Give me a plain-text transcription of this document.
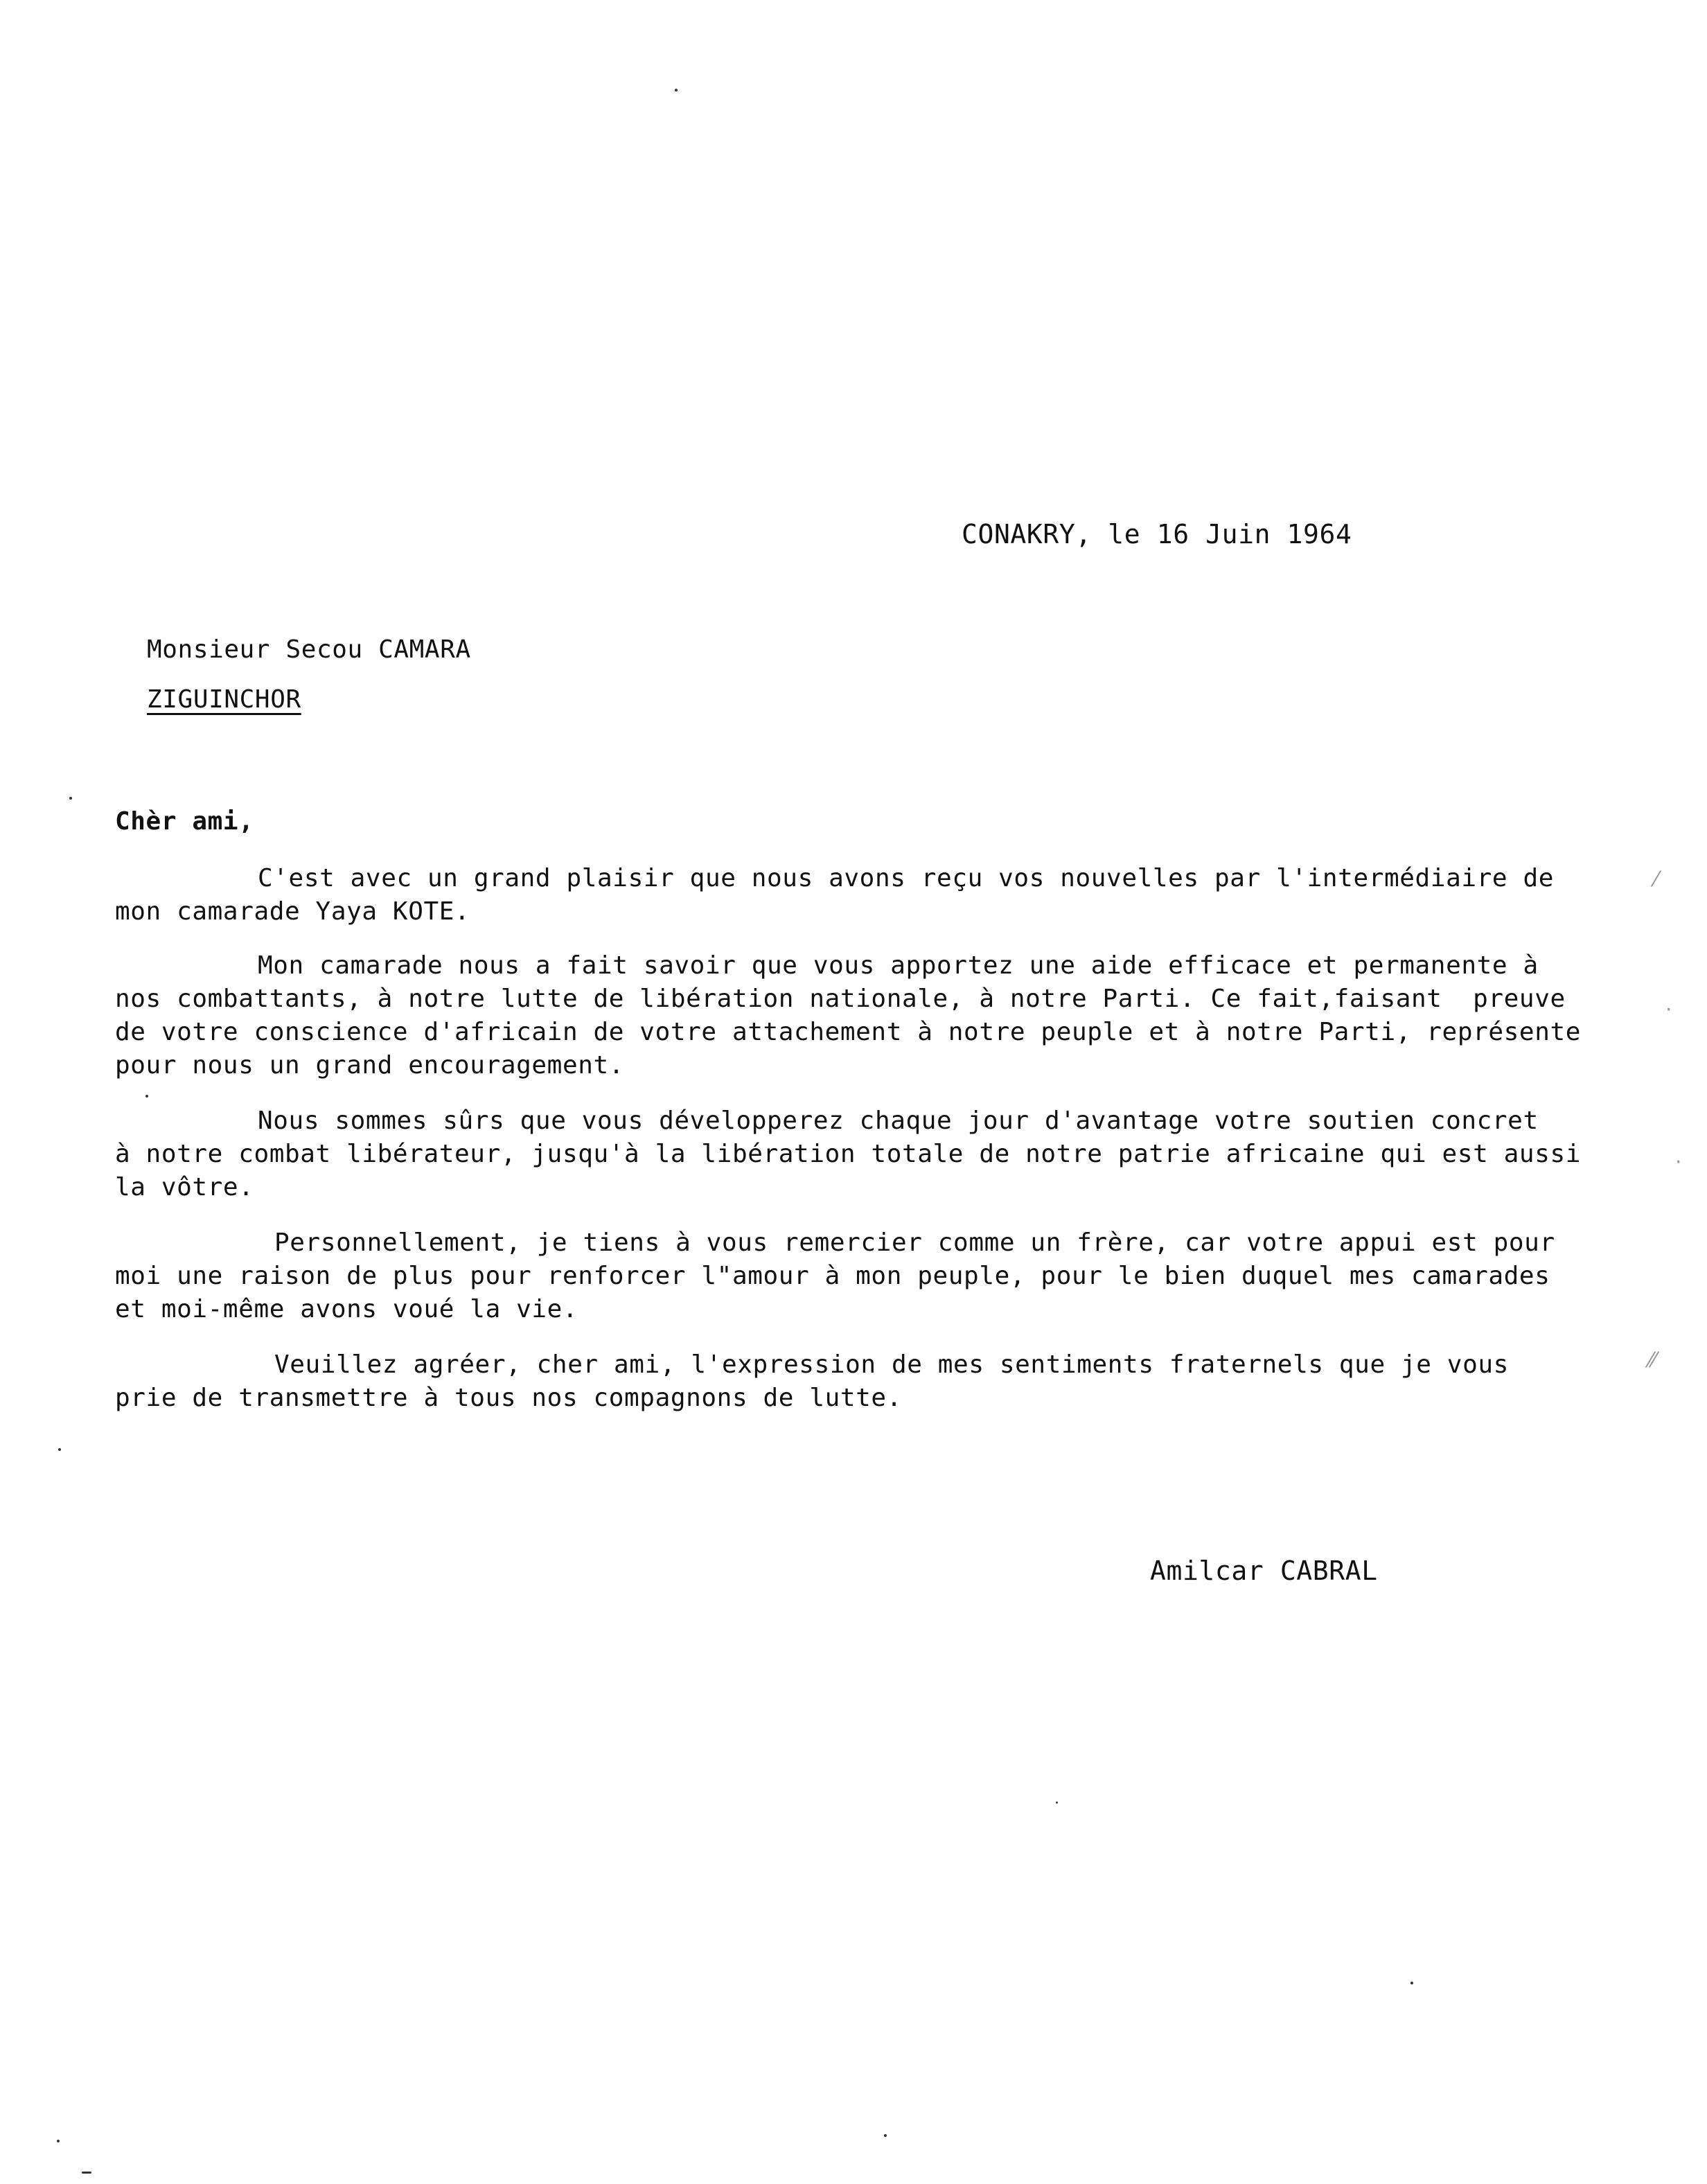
CONAKRY, le 16 Juin 1964
Monsieur Secou CAMARA
ZIGUINCHOR
Chèr ami,
C'est avec un grand plaisir que nous avons reçu vos nouvelles par l'intermédiaire de
mon camarade Yaya KOTE.
Mon camarade nous a fait savoir que vous apportez une aide efficace et permanente à
nos combattants, à notre lutte de libération nationale, à notre Parti. Ce fait,faisant  preuve
de votre conscience d'africain de votre attachement à notre peuple et à notre Parti, représente
pour nous un grand encouragement.
Nous sommes sûrs que vous développerez chaque jour d'avantage votre soutien concret
à notre combat libérateur, jusqu'à la libération totale de notre patrie africaine qui est aussi
la vôtre.
Personnellement, je tiens à vous remercier comme un frère, car votre appui est pour
moi une raison de plus pour renforcer l"amour à mon peuple, pour le bien duquel mes camarades
et moi-même avons voué la vie.
Veuillez agréer, cher ami, l'expression de mes sentiments fraternels que je vous
prie de transmettre à tous nos compagnons de lutte.
Amilcar CABRAL
⁄
·
·
⁄⁄
